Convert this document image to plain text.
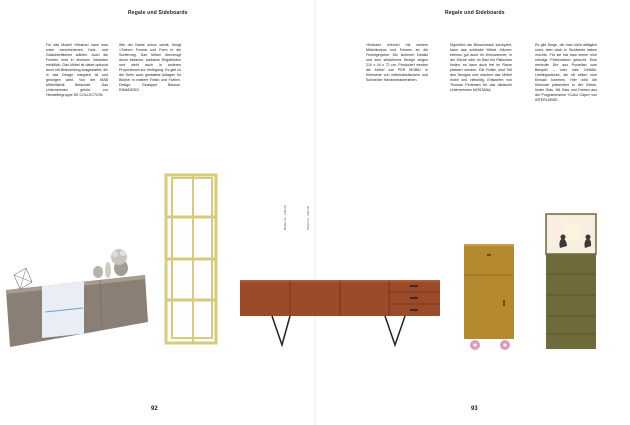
Regale und Sideboards
Für das Modell »Stratus« kann man unter verschiedenen Holz- und Glasoberflächen wählen. Auch die Fronten sind in diversen Varianten erhältlich. Das Möbel ist dabei optional auch mit Beleuchtung ausgestattet, die in das Design integriert ist und gelungen wirkt. Von der MAB Möbelfabrik Betschart. Das Unternehmen gehört zur Herstellergruppe DE COLLECTION.
Wie der Name schon verrät, bringt »Totem« Format und Form in die Sortierung. Das Möbel überzeugt durch einfache, schlanke Regalböden und steht auch in anderen Proportionen zur Verfügung. Es gibt zu der Serie auch gestaltete Ablagen für Bücher in mattem Finish und Farben. Design: Giuseppe Bavuso. RIMADESIO
92
Breite cm · 236 cm	Preis cm · 236 cm
Regale und Sideboards
»Kobuta« erinnert mit seinem Möbelkorpus und Formen an die Fünfzigerjahre. Die sicheren Details und sein stilsicheres Design zeigen 210 x 44 x 72 cm. Produziert werden die Möbel von PER MOBILI in Kleinserie von mittelständischem und Schweizer Handwerksbetrieben.
Eigentlich als Büroschrank konzipiert, kann das schlanke Möbel »Move« ebenso gut auch im Wohnzimmer, in der Küche oder im Bad ein Plätzchen finden, es kann auch frei im Raum platziert werden. Die Rollen sind Teil des Designs und machen das Möbel mobil und vielseitig. Entworfen von Thomas Pedersen für das dänische Unternehmen MONTANA.
Es gibt Dinge, die man nicht alltäglich nutzt, aber doch in Sichtweite haben möchte. Für sie hat man immer eine würdige Präsentation gesucht. Eine wertvolle Uhr aus Porzellan zum Beispiel – oder edle Gefäße, Lieblingsstücke, die oft selten zum Einsatz kommen. Hier wird die Kleinode präsentiert in der Vitrine, hinter Glas. Mit Glas und Farben aus der Programmserie »Color Caps« von INTERLÜBKE.
93
